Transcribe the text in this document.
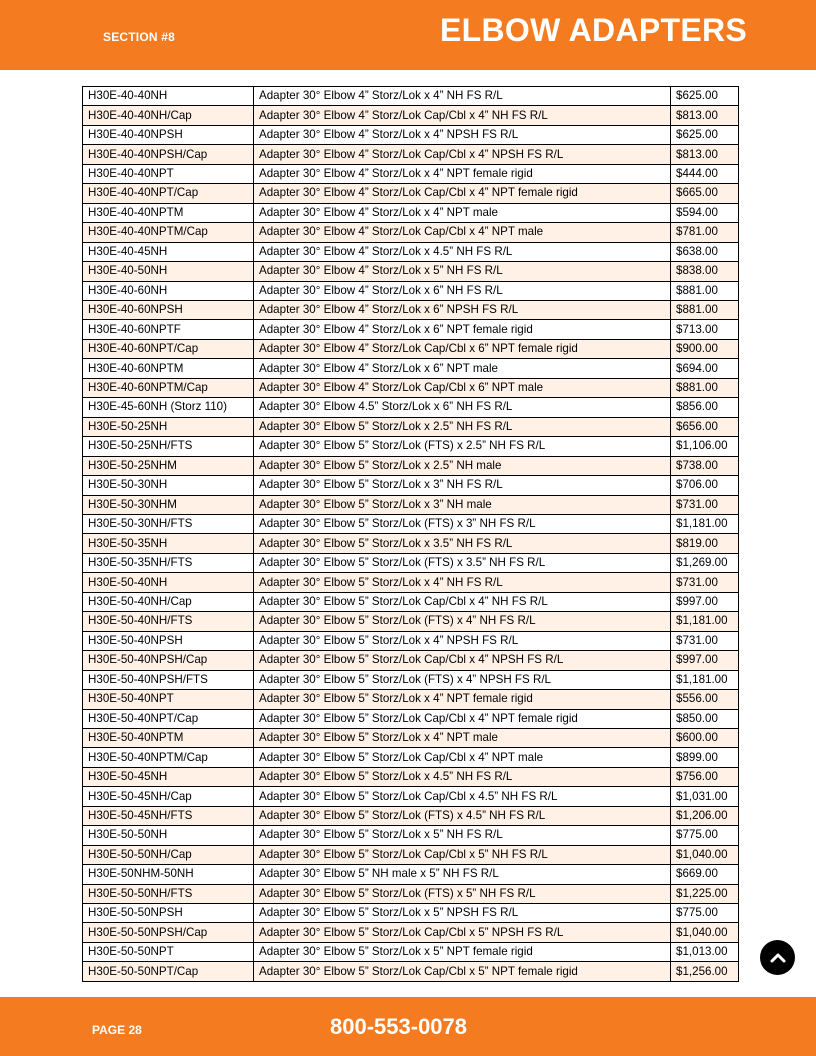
SECTION #8	ELBOW ADAPTERS
H30E-40-40NH	Adapter 30° Elbow 4” Storz/Lok x 4” NH FS R/L	$625.00
H30E-40-40NH/Cap	Adapter 30° Elbow 4” Storz/Lok Cap/Cbl x 4” NH FS R/L	$813.00
H30E-40-40NPSH	Adapter 30° Elbow 4” Storz/Lok x 4” NPSH FS R/L	$625.00
H30E-40-40NPSH/Cap	Adapter 30° Elbow 4” Storz/Lok Cap/Cbl x 4” NPSH FS R/L	$813.00
H30E-40-40NPT	Adapter 30° Elbow 4” Storz/Lok x 4” NPT female rigid	$444.00
H30E-40-40NPT/Cap	Adapter 30° Elbow 4” Storz/Lok Cap/Cbl x 4” NPT female rigid	$665.00
H30E-40-40NPTM	Adapter 30° Elbow 4” Storz/Lok x 4” NPT male	$594.00
H30E-40-40NPTM/Cap	Adapter 30° Elbow 4” Storz/Lok Cap/Cbl x 4” NPT male	$781.00
H30E-40-45NH	Adapter 30° Elbow 4” Storz/Lok x 4.5” NH FS R/L	$638.00
H30E-40-50NH	Adapter 30° Elbow 4” Storz/Lok x 5” NH FS R/L	$838.00
H30E-40-60NH	Adapter 30° Elbow 4” Storz/Lok x 6” NH FS R/L	$881.00
H30E-40-60NPSH	Adapter 30° Elbow 4” Storz/Lok x 6” NPSH FS R/L	$881.00
H30E-40-60NPTF	Adapter 30° Elbow 4” Storz/Lok x 6” NPT female rigid	$713.00
H30E-40-60NPT/Cap	Adapter 30° Elbow 4” Storz/Lok Cap/Cbl x 6” NPT female rigid	$900.00
H30E-40-60NPTM	Adapter 30° Elbow 4” Storz/Lok x 6” NPT male	$694.00
H30E-40-60NPTM/Cap	Adapter 30° Elbow 4” Storz/Lok Cap/Cbl x 6” NPT male	$881.00
H30E-45-60NH (Storz 110)	Adapter 30° Elbow 4.5” Storz/Lok x 6” NH FS R/L	$856.00
H30E-50-25NH	Adapter 30° Elbow 5” Storz/Lok x 2.5” NH FS R/L	$656.00
H30E-50-25NH/FTS	Adapter 30° Elbow 5” Storz/Lok (FTS) x 2.5” NH FS R/L	$1,106.00
H30E-50-25NHM	Adapter 30° Elbow 5” Storz/Lok x 2.5” NH male	$738.00
H30E-50-30NH	Adapter 30° Elbow 5” Storz/Lok x 3” NH FS R/L	$706.00
H30E-50-30NHM	Adapter 30° Elbow 5” Storz/Lok x 3” NH male	$731.00
H30E-50-30NH/FTS	Adapter 30° Elbow 5” Storz/Lok (FTS) x 3” NH FS R/L	$1,181.00
H30E-50-35NH	Adapter 30° Elbow 5” Storz/Lok x 3.5” NH FS R/L	$819.00
H30E-50-35NH/FTS	Adapter 30° Elbow 5” Storz/Lok (FTS) x 3.5” NH FS R/L	$1,269.00
H30E-50-40NH	Adapter 30° Elbow 5” Storz/Lok x 4” NH FS R/L	$731.00
H30E-50-40NH/Cap	Adapter 30° Elbow 5” Storz/Lok Cap/Cbl x 4” NH FS R/L	$997.00
H30E-50-40NH/FTS	Adapter 30° Elbow 5” Storz/Lok (FTS) x 4” NH FS R/L	$1,181.00
H30E-50-40NPSH	Adapter 30° Elbow 5” Storz/Lok x 4” NPSH FS R/L	$731.00
H30E-50-40NPSH/Cap	Adapter 30° Elbow 5” Storz/Lok Cap/Cbl x 4” NPSH FS R/L	$997.00
H30E-50-40NPSH/FTS	Adapter 30° Elbow 5” Storz/Lok (FTS) x 4” NPSH FS R/L	$1,181.00
H30E-50-40NPT	Adapter 30° Elbow 5” Storz/Lok x 4” NPT female rigid	$556.00
H30E-50-40NPT/Cap	Adapter 30° Elbow 5” Storz/Lok Cap/Cbl x 4” NPT female rigid	$850.00
H30E-50-40NPTM	Adapter 30° Elbow 5” Storz/Lok x 4” NPT male	$600.00
H30E-50-40NPTM/Cap	Adapter 30° Elbow 5” Storz/Lok Cap/Cbl x 4” NPT male	$899.00
H30E-50-45NH	Adapter 30° Elbow 5” Storz/Lok x 4.5” NH FS R/L	$756.00
H30E-50-45NH/Cap	Adapter 30° Elbow 5” Storz/Lok Cap/Cbl x 4.5” NH FS R/L	$1,031.00
H30E-50-45NH/FTS	Adapter 30° Elbow 5” Storz/Lok (FTS) x 4.5” NH FS R/L	$1,206.00
H30E-50-50NH	Adapter 30° Elbow 5” Storz/Lok x 5” NH FS R/L	$775.00
H30E-50-50NH/Cap	Adapter 30° Elbow 5” Storz/Lok Cap/Cbl x 5” NH FS R/L	$1,040.00
H30E-50NHM-50NH	Adapter 30° Elbow 5” NH male x 5” NH FS R/L	$669.00
H30E-50-50NH/FTS	Adapter 30° Elbow 5” Storz/Lok (FTS) x 5” NH FS R/L	$1,225.00
H30E-50-50NPSH	Adapter 30° Elbow 5” Storz/Lok x 5” NPSH FS R/L	$775.00
H30E-50-50NPSH/Cap	Adapter 30° Elbow 5” Storz/Lok Cap/Cbl x 5” NPSH FS R/L	$1,040.00
H30E-50-50NPT	Adapter 30° Elbow 5” Storz/Lok x 5” NPT female rigid	$1,013.00
H30E-50-50NPT/Cap	Adapter 30° Elbow 5” Storz/Lok Cap/Cbl x 5” NPT female rigid	$1,256.00
PAGE 28	800-553-0078
